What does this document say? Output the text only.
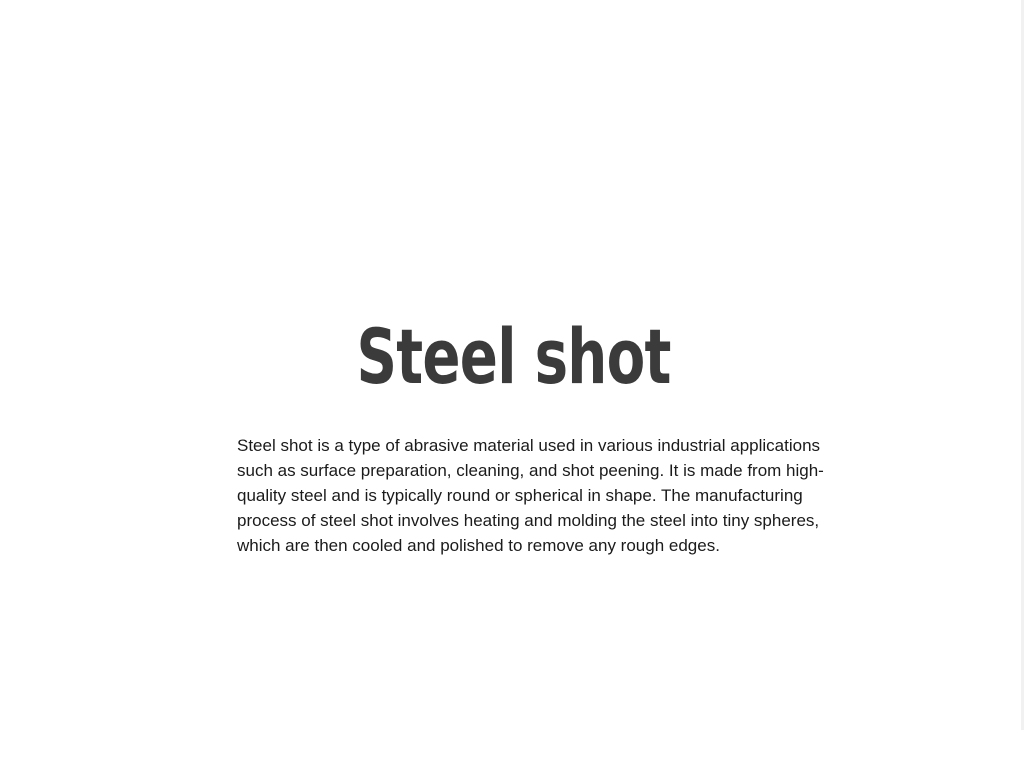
Steel shot

Steel shot is a type of abrasive material used in various industrial applications such as surface preparation, cleaning, and shot peening. It is made from high-quality steel and is typically round or spherical in shape. The manufacturing process of steel shot involves heating and molding the steel into tiny spheres, which are then cooled and polished to remove any rough edges.
